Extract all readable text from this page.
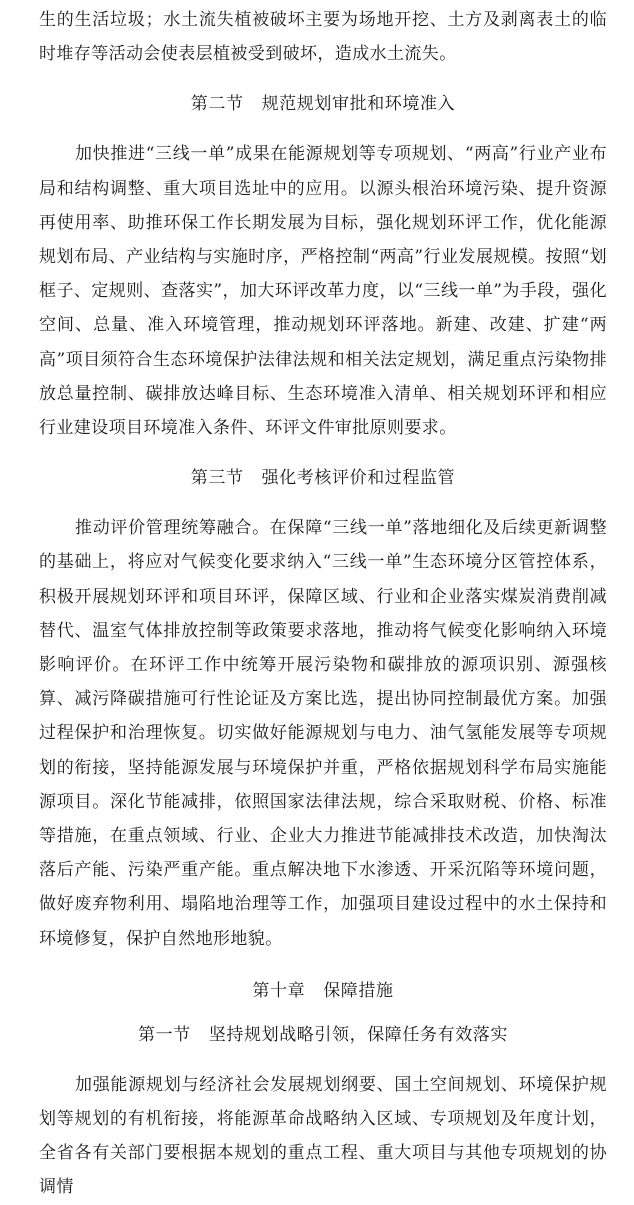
生的生活垃圾；水土流失植被破坏主要为场地开挖、土方及剥离表土的临时堆存等活动会使表层植被受到破坏，造成水土流失。

第二节 规范规划审批和环境准入

加快推进“三线一单”成果在能源规划等专项规划、“两高”行业产业布局和结构调整、重大项目选址中的应用。以源头根治环境污染、提升资源再使用率、助推环保工作长期发展为目标，强化规划环评工作，优化能源规划布局、产业结构与实施时序，严格控制“两高”行业发展规模。按照“划框子、定规则、查落实”，加大环评改革力度，以“三线一单”为手段，强化空间、总量、准入环境管理，推动规划环评落地。新建、改建、扩建“两高”项目须符合生态环境保护法律法规和相关法定规划，满足重点污染物排放总量控制、碳排放达峰目标、生态环境准入清单、相关规划环评和相应行业建设项目环境准入条件、环评文件审批原则要求。

第三节 强化考核评价和过程监管

推动评价管理统筹融合。在保障“三线一单”落地细化及后续更新调整的基础上，将应对气候变化要求纳入“三线一单”生态环境分区管控体系，积极开展规划环评和项目环评，保障区域、行业和企业落实煤炭消费削减替代、温室气体排放控制等政策要求落地，推动将气候变化影响纳入环境影响评价。在环评工作中统筹开展污染物和碳排放的源项识别、源强核算、减污降碳措施可行性论证及方案比选，提出协同控制最优方案。加强过程保护和治理恢复。切实做好能源规划与电力、油气氢能发展等专项规划的衔接，坚持能源发展与环境保护并重，严格依据规划科学布局实施能源项目。深化节能减排，依照国家法律法规，综合采取财税、价格、标准等措施，在重点领域、行业、企业大力推进节能减排技术改造，加快淘汰落后产能、污染严重产能。重点解决地下水渗透、开采沉陷等环境问题，做好废弃物利用、塌陷地治理等工作，加强项目建设过程中的水土保持和环境修复，保护自然地形地貌。

第十章 保障措施
第一节 坚持规划战略引领，保障任务有效落实

加强能源规划与经济社会发展规划纲要、国土空间规划、环境保护规划等规划的有机衔接，将能源革命战略纳入区域、专项规划及年度计划，全省各有关部门要根据本规划的重点工程、重大项目与其他专项规划的协调情
